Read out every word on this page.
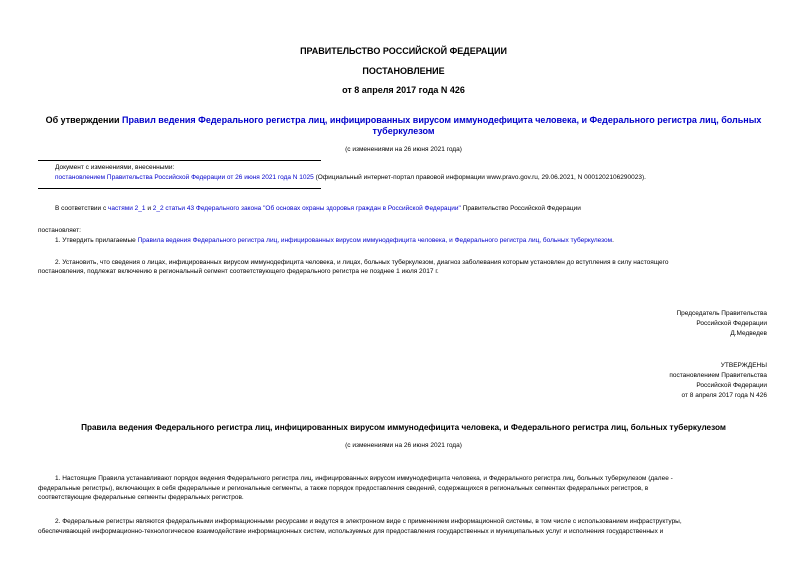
ПРАВИТЕЛЬСТВО РОССИЙСКОЙ ФЕДЕРАЦИИ
ПОСТАНОВЛЕНИЕ
от 8 апреля 2017 года N 426
Об утверждении Правил ведения Федерального регистра лиц, инфицированных вирусом иммунодефицита человека, и Федерального регистра лиц, больных туберкулезом
(с изменениями на 26 июня 2021 года)
Документ с изменениями, внесенными:
постановлением Правительства Российской Федерации от 26 июня 2021 года N 1025 (Официальный интернет-портал правовой информации www.pravo.gov.ru, 29.06.2021, N 0001202106290023).
В соответствии с частями 2_1 и 2_2 статьи 43 Федерального закона "Об основах охраны здоровья граждан в Российской Федерации" Правительство Российской Федерации
постановляет:
1. Утвердить прилагаемые Правила ведения Федерального регистра лиц, инфицированных вирусом иммунодефицита человека, и Федерального регистра лиц, больных туберкулезом.
2. Установить, что сведения о лицах, инфицированных вирусом иммунодефицита человека, и лицах, больных туберкулезом, диагноз заболевания которым установлен до вступления в силу настоящего
постановления, подлежат включению в региональный сегмент соответствующего федерального регистра не позднее 1 июля 2017 г.
Председатель Правительства
Российской Федерации
Д.Медведев
УТВЕРЖДЕНЫ
постановлением Правительства
Российской Федерации
от 8 апреля 2017 года N 426
Правила ведения Федерального регистра лиц, инфицированных вирусом иммунодефицита человека, и Федерального регистра лиц, больных туберкулезом
(с изменениями на 26 июня 2021 года)
1. Настоящие Правила устанавливают порядок ведения Федерального регистра лиц, инфицированных вирусом иммунодефицита человека, и Федерального регистра лиц, больных туберкулезом (далее -
федеральные регистры), включающих в себя федеральные и региональные сегменты, а также порядок предоставления сведений, содержащихся в региональных сегментах федеральных регистров, в
соответствующие федеральные сегменты федеральных регистров.
2. Федеральные регистры являются федеральными информационными ресурсами и ведутся в электронном виде с применением информационной системы, в том числе с использованием инфраструктуры,
обеспечивающей информационно-технологическое взаимодействие информационных систем, используемых для предоставления государственных и муниципальных услуг и исполнения государственных и
